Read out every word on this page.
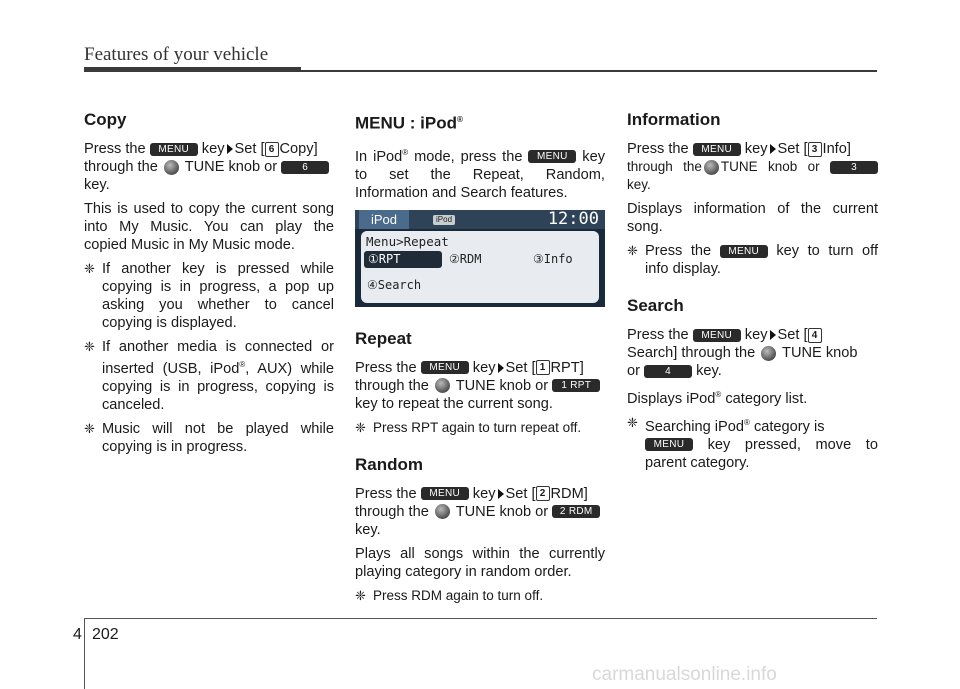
Features of your vehicle
Copy

Press the MENU key Set [ 6 Copy]
through the TUNE knob or	6
key.

This is used to copy the current song into My Music. You can play the copied Music in My Music mode.

❈ If another key is pressed while copying is in progress, a pop up asking you whether to cancel copying is displayed.
❈ If another media is connected or inserted (USB, iPod®, AUX) while copying is in progress, copying is canceled.
❈ Music will not be played while copying is in progress.
MENU : iPod®

In iPod® mode, press the MENU key to set the Repeat, Random, Information and Search features.

iPod	iPod	12:00
Menu>Repeat
①RPT	②RDM	③Info
④Search
Repeat

Press the MENU key Set [ 1 RPT]
through the TUNE knob or 1 RPT
key to repeat the current song.

❈ Press RPT again to turn repeat off.
Random

Press the MENU key Set [ 2 RDM]
through the TUNE knob or 2 RDM
key.

Plays all songs within the currently playing category in random order.

❈ Press RDM again to turn off.
Information

Press the MENU key Set [ 3 Info]
through the TUNE knob or	3 key.

Displays information of the current song.

❈ Press the MENU key to turn off info display.
Search

Press the MENU key Set [ 4
Search] through the TUNE knob
or	4 key.

Displays iPod® category list.

❈ Searching iPod® category is
MENU key pressed, move to parent category.
4 202
carmanualsonline.info
